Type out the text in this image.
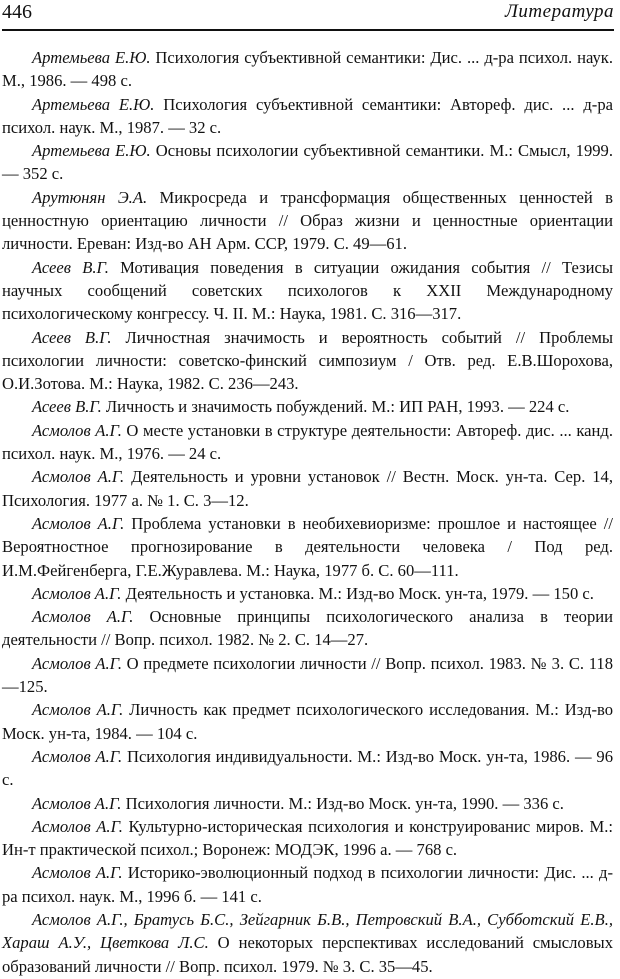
446	Литература

Артемьева Е.Ю. Психология субъективной семантики: Дис. ... д-ра психол. наук. М., 1986. — 498 с.

Артемьева Е.Ю. Психология субъективной семантики: Автореф. дис. ... д-ра психол. наук. М., 1987. — 32 с.

Артемьева Е.Ю. Основы психологии субъективной семантики. М.: Смысл, 1999. — 352 с.

Арутюнян Э.А. Микросреда и трансформация общественных ценностей в ценностную ориентацию личности // Образ жизни и ценностные ориентации личности. Ереван: Изд-во АН Арм. ССР, 1979. С. 49—61.

Асеев В.Г. Мотивация поведения в ситуации ожидания события // Тезисы научных сообщений советских психологов к XXII Международному психологическому конгрессу. Ч. II. М.: Наука, 1981. С. 316—317.

Асеев В.Г. Личностная значимость и вероятность событий // Проблемы психологии личности: советско-финский симпозиум / Отв. ред. Е.В.Шорохова, О.И.Зотова. М.: Наука, 1982. С. 236—243.

Асеев В.Г. Личность и значимость побуждений. М.: ИП РАН, 1993. — 224 с.

Асмолов А.Г. О месте установки в структуре деятельности: Автореф. дис. ... канд. психол. наук. М., 1976. — 24 с.

Асмолов А.Г. Деятельность и уровни установок // Вестн. Моск. ун-та. Сер. 14, Психология. 1977 а. № 1. С. 3—12.

Асмолов А.Г. Проблема установки в необихевиоризме: прошлое и настоящее // Вероятностное прогнозирование в деятельности человека / Под ред. И.М.Фейгенберга, Г.Е.Журавлева. М.: Наука, 1977 б. С. 60—111.

Асмолов А.Г. Деятельность и установка. М.: Изд-во Моск. ун-та, 1979. — 150 с.

Асмолов А.Г. Основные принципы психологического анализа в теории деятельности // Вопр. психол. 1982. № 2. С. 14—27.

Асмолов А.Г. О предмете психологии личности // Вопр. психол. 1983. № 3. С. 118—125.

Асмолов А.Г. Личность как предмет психологического исследования. М.: Изд-во Моск. ун-та, 1984. — 104 с.

Асмолов А.Г. Психология индивидуальности. М.: Изд-во Моск. ун-та, 1986. — 96 с.

Асмолов А.Г. Психология личности. М.: Изд-во Моск. ун-та, 1990. — 336 с.

Асмолов А.Г. Культурно-историческая психология и конструированис миров. М.: Ин-т практической психол.; Воронеж: МОДЭК, 1996 а. — 768 с.

Асмолов А.Г. Историко-эволюционный подход в психологии личности: Дис. ... д-ра психол. наук. М., 1996 б. — 141 с.

Асмолов А.Г., Братусь Б.С., Зейгарник Б.В., Петровский В.А., Субботский Е.В., Хараш А.У., Цветкова Л.С. О некоторых перспективах исследований смысловых образований личности // Вопр. психол. 1979. № 3. С. 35—45.
